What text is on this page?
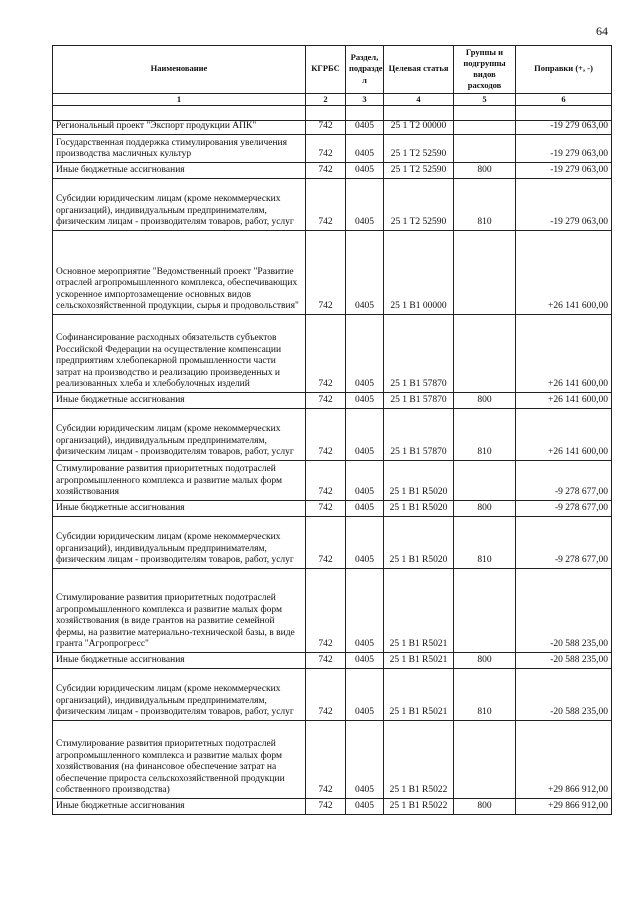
64
Наименование	КГРБС	Раздел, подразде л	Целевая статья	Группы и подгруппы видов расходов	Поправки (+, -)
1	2	3	4	5	6

Региональный проект "Экспорт продукции АПК"	742	0405	25 1 T2 00000		-19 279 063,00
Государственная поддержка стимулирования увеличения производства масличных культур	742	0405	25 1 T2 52590		-19 279 063,00
Иные бюджетные ассигнования	742	0405	25 1 T2 52590	800	-19 279 063,00
Субсидии юридическим лицам (кроме некоммерческих организаций), индивидуальным предпринимателям, физическим лицам - производителям товаров, работ, услуг	742	0405	25 1 T2 52590	810	-19 279 063,00
Основное мероприятие "Ведомственный проект "Развитие отраслей агропромышленного комплекса, обеспечивающих ускоренное импортозамещение основных видов сельскохозяйственной продукции, сырья и продовольствия"	742	0405	25 1 B1 00000		+26 141 600,00
Софинансирование расходных обязательств субъектов Российской Федерации на осуществление компенсации предприятиям хлебопекарной промышленности части затрат на производство и реализацию произведенных и реализованных хлеба и хлебобулочных изделий	742	0405	25 1 B1 57870		+26 141 600,00
Иные бюджетные ассигнования	742	0405	25 1 B1 57870	800	+26 141 600,00
Субсидии юридическим лицам (кроме некоммерческих организаций), индивидуальным предпринимателям, физическим лицам - производителям товаров, работ, услуг	742	0405	25 1 B1 57870	810	+26 141 600,00
Стимулирование развития приоритетных подотраслей агропромышленного комплекса и развитие малых форм хозяйствования	742	0405	25 1 B1 R5020		-9 278 677,00
Иные бюджетные ассигнования	742	0405	25 1 B1 R5020	800	-9 278 677,00
Субсидии юридическим лицам (кроме некоммерческих организаций), индивидуальным предпринимателям, физическим лицам - производителям товаров, работ, услуг	742	0405	25 1 B1 R5020	810	-9 278 677,00
Стимулирование развития приоритетных подотраслей агропромышленного комплекса и развитие малых форм хозяйствования (в виде грантов на развитие семейной фермы, на развитие материально-технической базы, в виде гранта "Агропрогресс"	742	0405	25 1 B1 R5021		-20 588 235,00
Иные бюджетные ассигнования	742	0405	25 1 B1 R5021	800	-20 588 235,00
Субсидии юридическим лицам (кроме некоммерческих организаций), индивидуальным предпринимателям, физическим лицам - производителям товаров, работ, услуг	742	0405	25 1 B1 R5021	810	-20 588 235,00
Стимулирование развития приоритетных подотраслей агропромышленного комплекса и развитие малых форм хозяйствования (на финансовое обеспечение затрат на обеспечение прироста сельскохозяйственной продукции собственного производства)	742	0405	25 1 B1 R5022		+29 866 912,00
Иные бюджетные ассигнования	742	0405	25 1 B1 R5022	800	+29 866 912,00
